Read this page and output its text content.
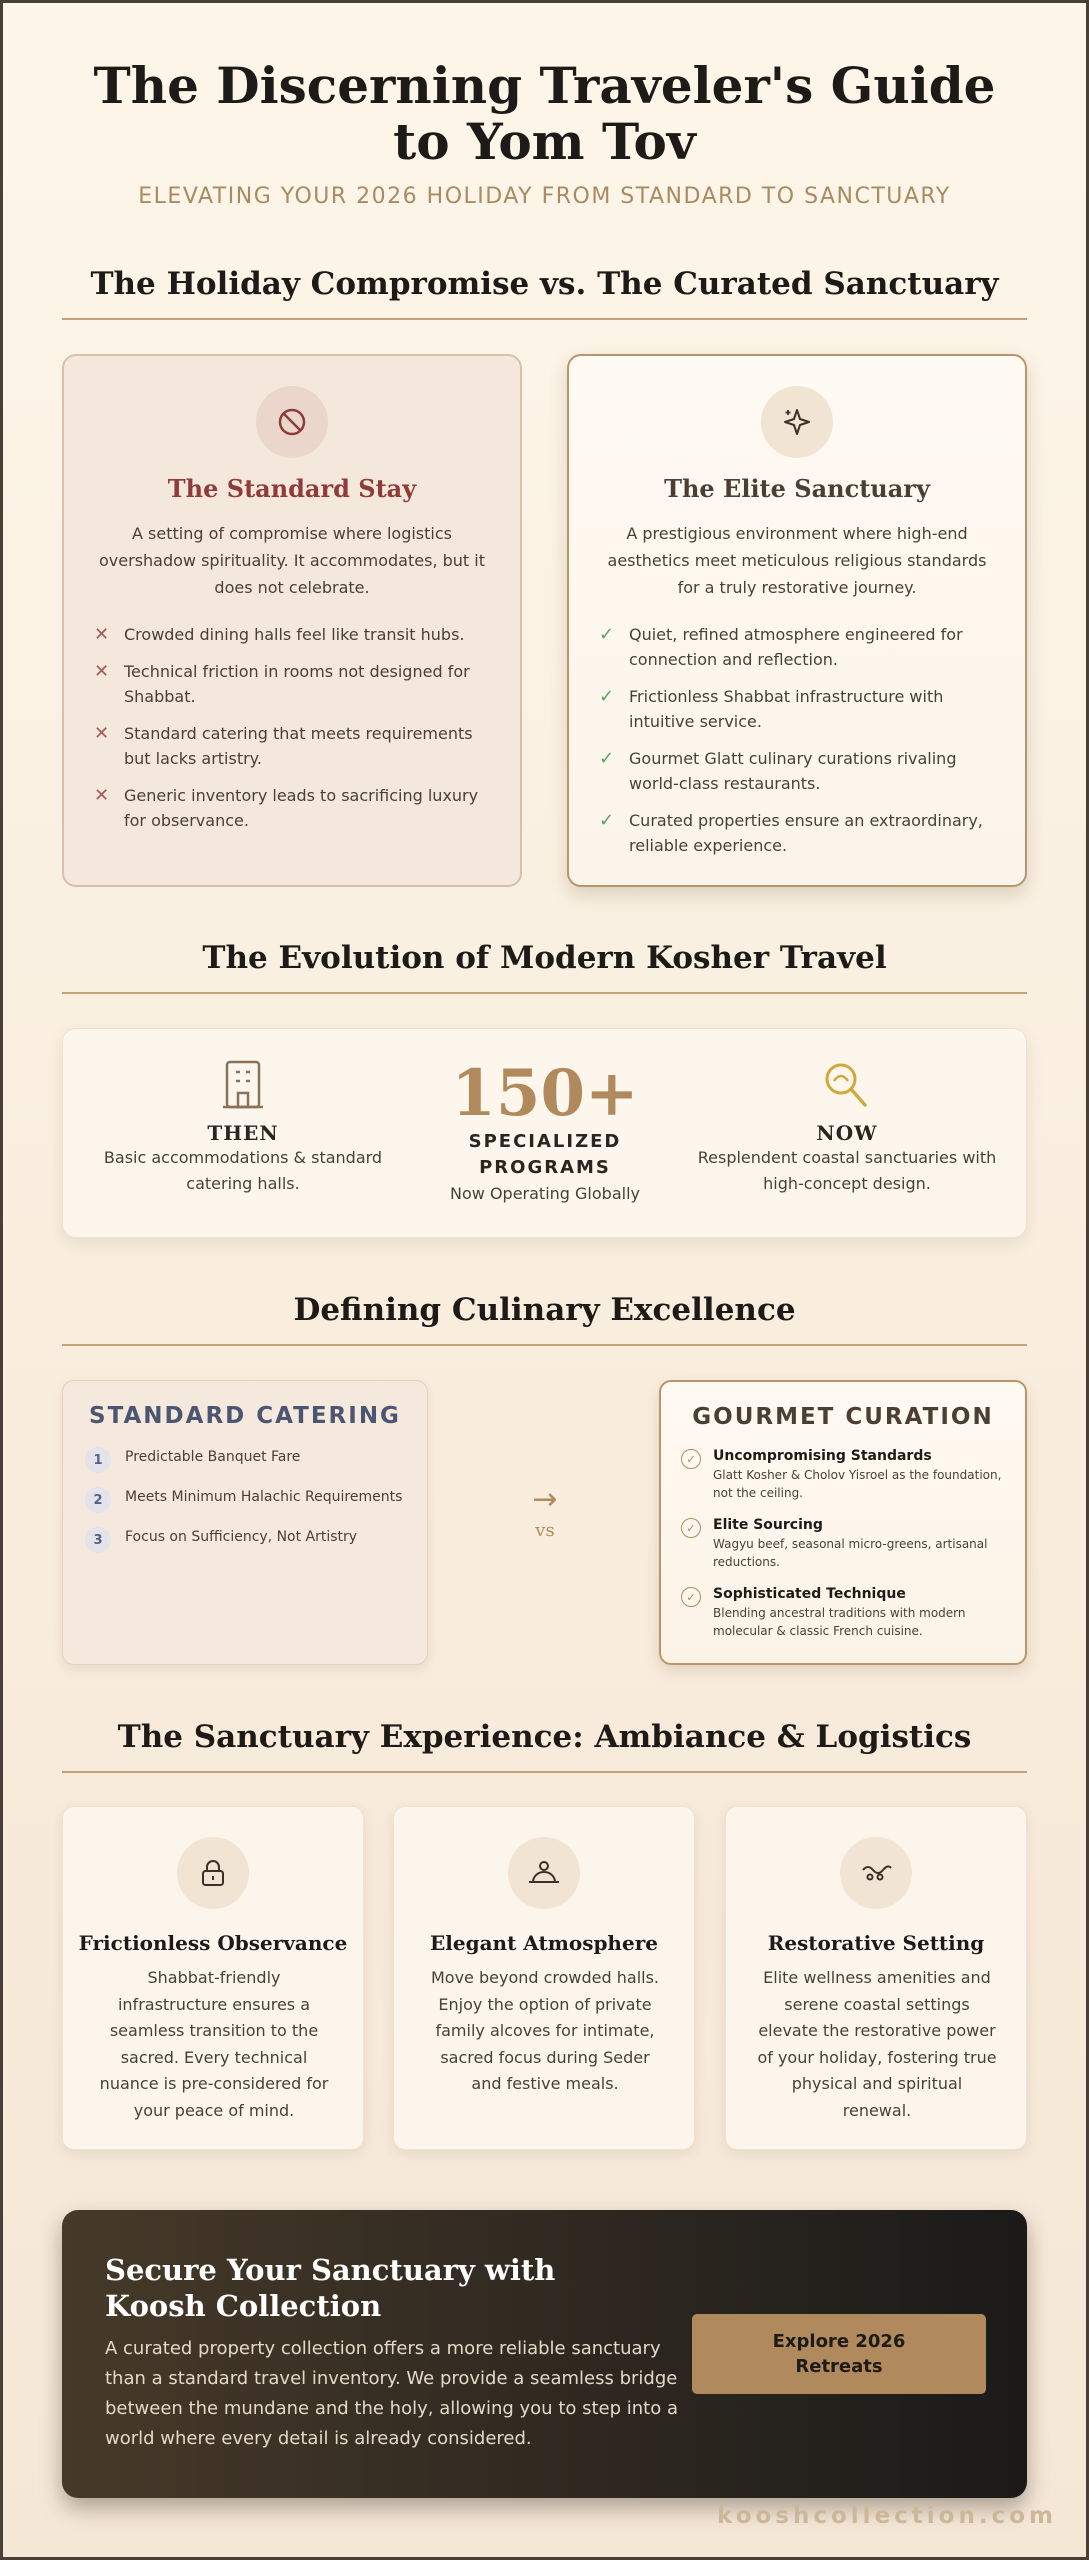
The Discerning Traveler's Guide to Yom Tov
ELEVATING YOUR 2026 HOLIDAY FROM STANDARD TO SANCTUARY
The Holiday Compromise vs. The Curated Sanctuary
The Standard Stay

A setting of compromise where logistics overshadow spirituality. It accommodates, but it does not celebrate.

✕ Crowded dining halls feel like transit hubs.
✕ Technical friction in rooms not designed for Shabbat.
✕ Standard catering that meets requirements but lacks artistry.
✕ Generic inventory leads to sacrificing luxury for observance.
The Elite Sanctuary

A prestigious environment where high-end aesthetics meet meticulous religious standards for a truly restorative journey.

✓ Quiet, refined atmosphere engineered for connection and reflection.
✓ Frictionless Shabbat infrastructure with intuitive service.
✓ Gourmet Glatt culinary curations rivaling world-class restaurants.
✓ Curated properties ensure an extraordinary, reliable experience.
The Evolution of Modern Kosher Travel
THEN
Basic accommodations & standard catering halls.
150+
SPECIALIZED PROGRAMS
Now Operating Globally
NOW
Resplendent coastal sanctuaries with high-concept design.
Defining Culinary Excellence
STANDARD CATERING
1	Predictable Banquet Fare
2	Meets Minimum Halachic Requirements
3	Focus on Sufficiency, Not Artistry
→
vs
GOURMET CURATION
✓	Uncompromising Standards
Glatt Kosher & Cholov Yisroel as the foundation, not the ceiling.
✓	Elite Sourcing
Wagyu beef, seasonal micro-greens, artisanal reductions.
✓	Sophisticated Technique
Blending ancestral traditions with modern molecular & classic French cuisine.
The Sanctuary Experience: Ambiance & Logistics
Frictionless Observance

Shabbat-friendly infrastructure ensures a seamless transition to the sacred. Every technical nuance is pre-considered for your peace of mind.

Elegant Atmosphere

Move beyond crowded halls. Enjoy the option of private family alcoves for intimate, sacred focus during Seder and festive meals.

Restorative Setting

Elite wellness amenities and serene coastal settings elevate the restorative power of your holiday, fostering true physical and spiritual renewal.

Secure Your Sanctuary with Koosh Collection

A curated property collection offers a more reliable sanctuary than a standard travel inventory. We provide a seamless bridge between the mundane and the holy, allowing you to step into a world where every detail is already considered.

Explore 2026 Retreats
kooshcollection.com
